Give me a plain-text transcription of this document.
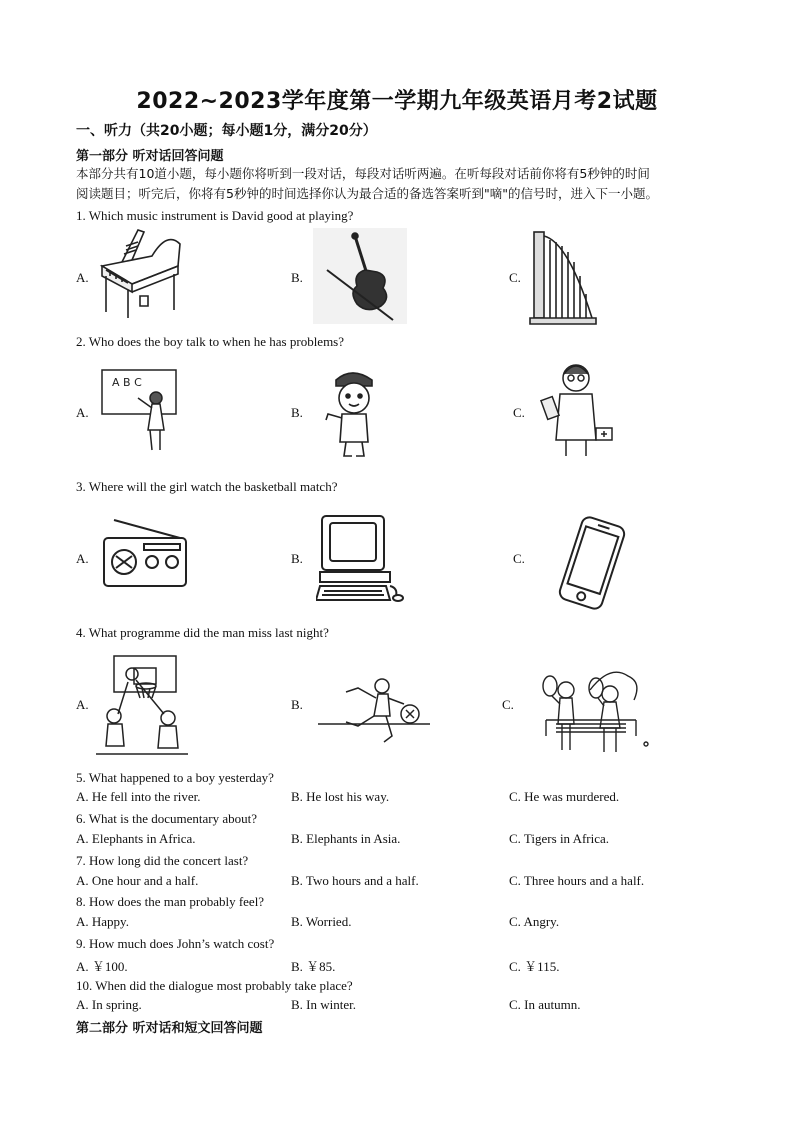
2022~2023学年度第一学期九年级英语月考2试题
一、听力（共20小题；每小题1分，满分20分）
第一部分 听对话回答问题
本部分共有10道小题，每小题你将听到一段对话，每段对话听两遍。在听每段对话前你将有5秒钟的时间
阅读题目；听完后，你将有5秒钟的时间选择你认为最合适的备选答案听到"嘀"的信号时，进入下一小题。
1. Which music instrument is David good at playing?
A.	B.	C.
2. Who does the boy talk to when he has problems?
A.	B.	C.
A B C
3. Where will the girl watch the basketball match?
A.	B.	C.
4. What programme did the man miss last night?
A.	B.	C.
5. What happened to a boy yesterday?
A. He fell into the river.	B. He lost his way.	C. He was murdered.
6. What is the documentary about?
A. Elephants in Africa.	B. Elephants in Asia.	C. Tigers in Africa.
7. How long did the concert last?
A. One hour and a half.	B. Two hours and a half.	C. Three hours and a half.
8. How does the man probably feel?
A. Happy.	B. Worried.	C. Angry.
9. How much does John’s watch cost?
A. ￥100.	B. ￥85.	C. ￥115.
10. When did the dialogue most probably take place?
A. In spring.	B. In winter.	C. In autumn.
第二部分 听对话和短文回答问题
